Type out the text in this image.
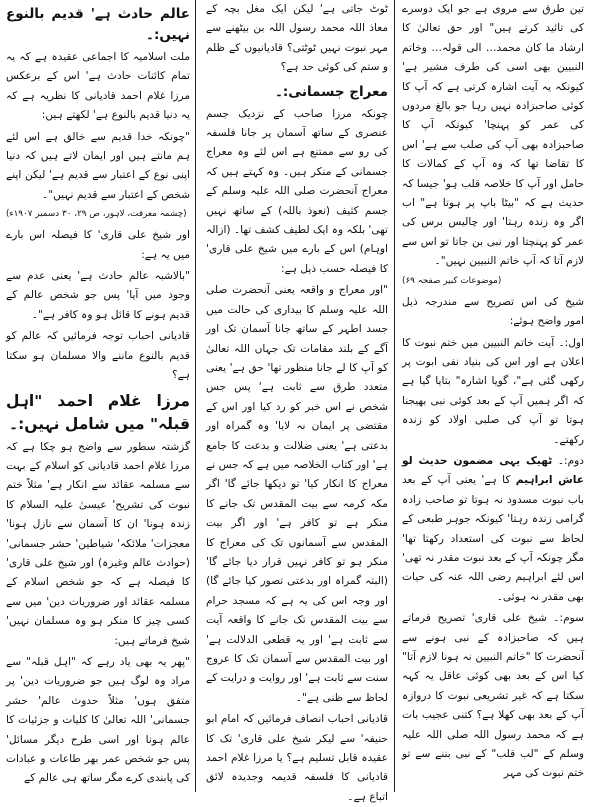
تین طرق سے مروی ہے جو ایک دوسرے کی تائید کرتے ہیں" اور حق تعالیٰ کا ارشاد ما کان محمد… الی قولہ… وخاتم النبیین بھی اسی کی طرف مشیر ہے' کیونکہ یہ آیت اشارہ کرتی ہے کہ آپ کا کوئی صاحبزادہ نہیں رہا جو بالغ مردوں کی عمر کو پہنچا' کیونکہ آپ کا صاحبزادہ بھی آپ کی صلب سے ہے' اس کا تقاضا تھا کہ وہ آپ کے کمالات کا حامل اور آپ کا خلاصہ قلب ہو' جیسا کہ حدیث ہے کہ "بیٹا باپ پر ہوتا ہے" اب اگر وہ زندہ رہتا' اور چالیس برس کی عمر کو پہنچتا اور نبی بن جاتا تو اس سے لازم آتا کہ آپ خاتم النبیین نہیں"۔

(موضوعات کبیر صفحہ ۶۹)

شیخ کی اس تصریح سے مندرجہ ذیل امور واضح ہوئے:

اول:۔ آیت خاتم النبیین میں ختم نبوت کا اعلان ہے اور اس کی بنیاد نفی ابوت پر رکھی گئی ہے"، گویا اشارہ" بتایا گیا ہے کہ اگر ہمیں آپ کے بعد کوئی نبی بھیجنا ہوتا تو آپ کی صلبی اولاد کو زندہ رکھتے۔

دوم:۔ ٹھیک یہی مضمون حدیث لو عاش ابراہیم کا ہے' یعنی آپ کے بعد باب نبوت مسدود نہ ہوتا تو صاحب زادہ گرامی زندہ رہتا' کیونکہ جوہر طبعی کے لحاظ سے نبوت کی استعداد رکھتا تھا' مگر چونکہ آپ کے بعد نبوت مقدر نہ تھی' اس لئے ابراہیم رضی اللہ عنہ کی حیات بھی مقدر نہ ہوئی۔

سوم:۔ شیخ علی قاری' تصریح فرماتے ہیں کہ صاحبزادہ کے نبی ہونے سے آنحضرت کا "خاتم النبیین نہ ہونا لازم آتا" کیا اس کے بعد بھی کوئی عاقل یہ کہہ سکتا ہے کہ غیر تشریعی نبوت کا دروازہ آپ کے بعد بھی کھلا ہے؟ کتنی عجیب بات ہے کہ محمد رسول اللہ صلی اللہ علیہ وسلم کے "لب قلب" کے نبی بننے سے تو ختم نبوت کی مہر

ٹوٹ جاتی ہے' لیکن ایک مغل بچہ کے معاذ اللہ محمد رسول اللہ بن بیٹھنے سے مہر نبوت نہیں ٹوٹتی؟ قادیانیوں کے ظلم و ستم کی کوئی حد ہے؟

معراج جسمانی:۔

چونکہ مرزا صاحب کے نزدیک جسم عنصری کے ساتھ آسمان پر جانا فلسفہ کی رو سے ممتنع ہے اس لئے وہ معراج جسمانی کے منکر ہیں۔ وہ کہتے ہیں کہ معراج آنحضرت صلی اللہ علیہ وسلم کے جسم کثیف (نعوذ باللہ) کے ساتھ نہیں تھی' بلکہ وہ ایک لطیف کشف تھا۔ (ازالہ اوہام) اس کے بارے میں شیخ علی قاری' کا فیصلہ حسب ذیل ہے:

"اور معراج و واقعہ یعنی آنحضرت صلی اللہ علیہ وسلم کا بیداری کی حالت میں جسد اطہر کے ساتھ جانا آسمان تک اور آگے کے بلند مقامات تک جہاں اللہ تعالیٰ کو آپ کا لے جانا منظور تھا' حق ہے' یعنی متعدد طرق سے ثابت ہے' پس جس شخص نے اس خبر کو رد کیا اور اس کے مقتضی پر ایمان نہ لایا' وہ گمراہ اور بدعتی ہے' یعنی ضلالت و بدعت کا جامع ہے' اور کتاب الخلاصہ میں ہے کہ جس نے معراج کا انکار کیا' تو دیکھا جائے گا' اگر مکہ کرمہ سے بیت المقدس تک جانے کا منکر ہے تو کافر ہے' اور اگر بیت المقدس سے آسمانوں تک کی معراج کا منکر ہو تو کافر نہیں قرار دیا جائے گا' (البتہ گمراہ اور بدعتی تصور کیا جائے گا) اور وجہ اس کی یہ ہے کہ مسجد حرام سے بیت المقدس تک جانے کا واقعہ آیت سے ثابت ہے' اور یہ قطعی الدلالت ہے' اور بیت المقدس سے آسمان تک کا عروج سنت سے ثابت ہے' اور روایت و درایت کے لحاظ سے ظنی ہے"۔

قادیانی احباب انصاف فرمائیں کہ امام ابو حنیفہ' سے لیکر شیخ علی قاری' تک کا عقیدہ قابل تسلیم ہے؟ یا مرزا غلام احمد قادیانی کا فلسفہ قدیمہ وجدیدہ لائق اتباع ہے۔

عالم حادث ہے' قدیم بالنوع نہیں:۔

ملت اسلامیہ کا اجماعی عقیدہ ہے کہ یہ تمام کائنات حادث ہے' اس کے برعکس مرزا غلام احمد قادیانی کا نظریہ ہے کہ یہ دنیا قدیم بالنوع ہے' لکھتے ہیں:

"چونکہ خدا قدیم سے خالق ہے اس لئے ہم مانتے ہیں اور ایمان لاتے ہیں کہ دنیا اپنی نوع کے اعتبار سے قدیم ہے' لیکن اپنے شخص کے اعتبار سے قدیم نہیں"۔

(چشمہ معرفت، لاہور، ص ۲۹، ۳۰ دسمبر ۱۹۰۷ء)

اور شیخ علی قاری' کا فیصلہ اس بارے میں یہ ہے:

"بالاشبہ عالم حادث ہے' یعنی عدم سے وجود میں آیا' پس جو شخص عالم کے قدیم ہونے کا قائل ہو وہ کافر ہے"۔

قادیانی احباب توجہ فرمائیں کہ عالم کو قدیم بالنوع ماننے والا مسلمان ہو سکتا ہے؟

مرزا غلام احمد "اہل قبلہ" میں شامل نہیں:۔

گزشتہ سطور سے واضح ہو چکا ہے کہ مرزا غلام احمد قادیانی کو اسلام کے بہت سے مسلمہ عقائد سے انکار ہے' مثلاً ختم نبوت کی تشریح' عیسیٰ علیہ السلام کا زندہ ہونا' ان کا آسمان سے نازل ہونا' معجزات' ملائکہ' شیاطین' حشر جسمانی' (حوادث عالم وغیرہ) اور شیخ علی قاری' کا فیصلہ ہے کہ جو شخص اسلام کے مسلمہ عقائد اور ضروریات دین' میں سے کسی چیز کا منکر ہو وہ مسلمان نہیں' شیخ فرماتے ہیں:

"پھر یہ بھی یاد رہے کہ "اہل قبلہ" سے مراد وہ لوگ ہیں جو ضروریات دین' پر متفق ہوں' مثلاً حدوث عالم' حشر جسمانی' اللہ تعالیٰ کا کلیات و جزئیات کا عالم ہونا اور اسی طرح دیگر مسائل' پس جو شخص عمر بھر طاعات و عبادات کی پابندی کرے مگر ساتھ ہی عالم کے
